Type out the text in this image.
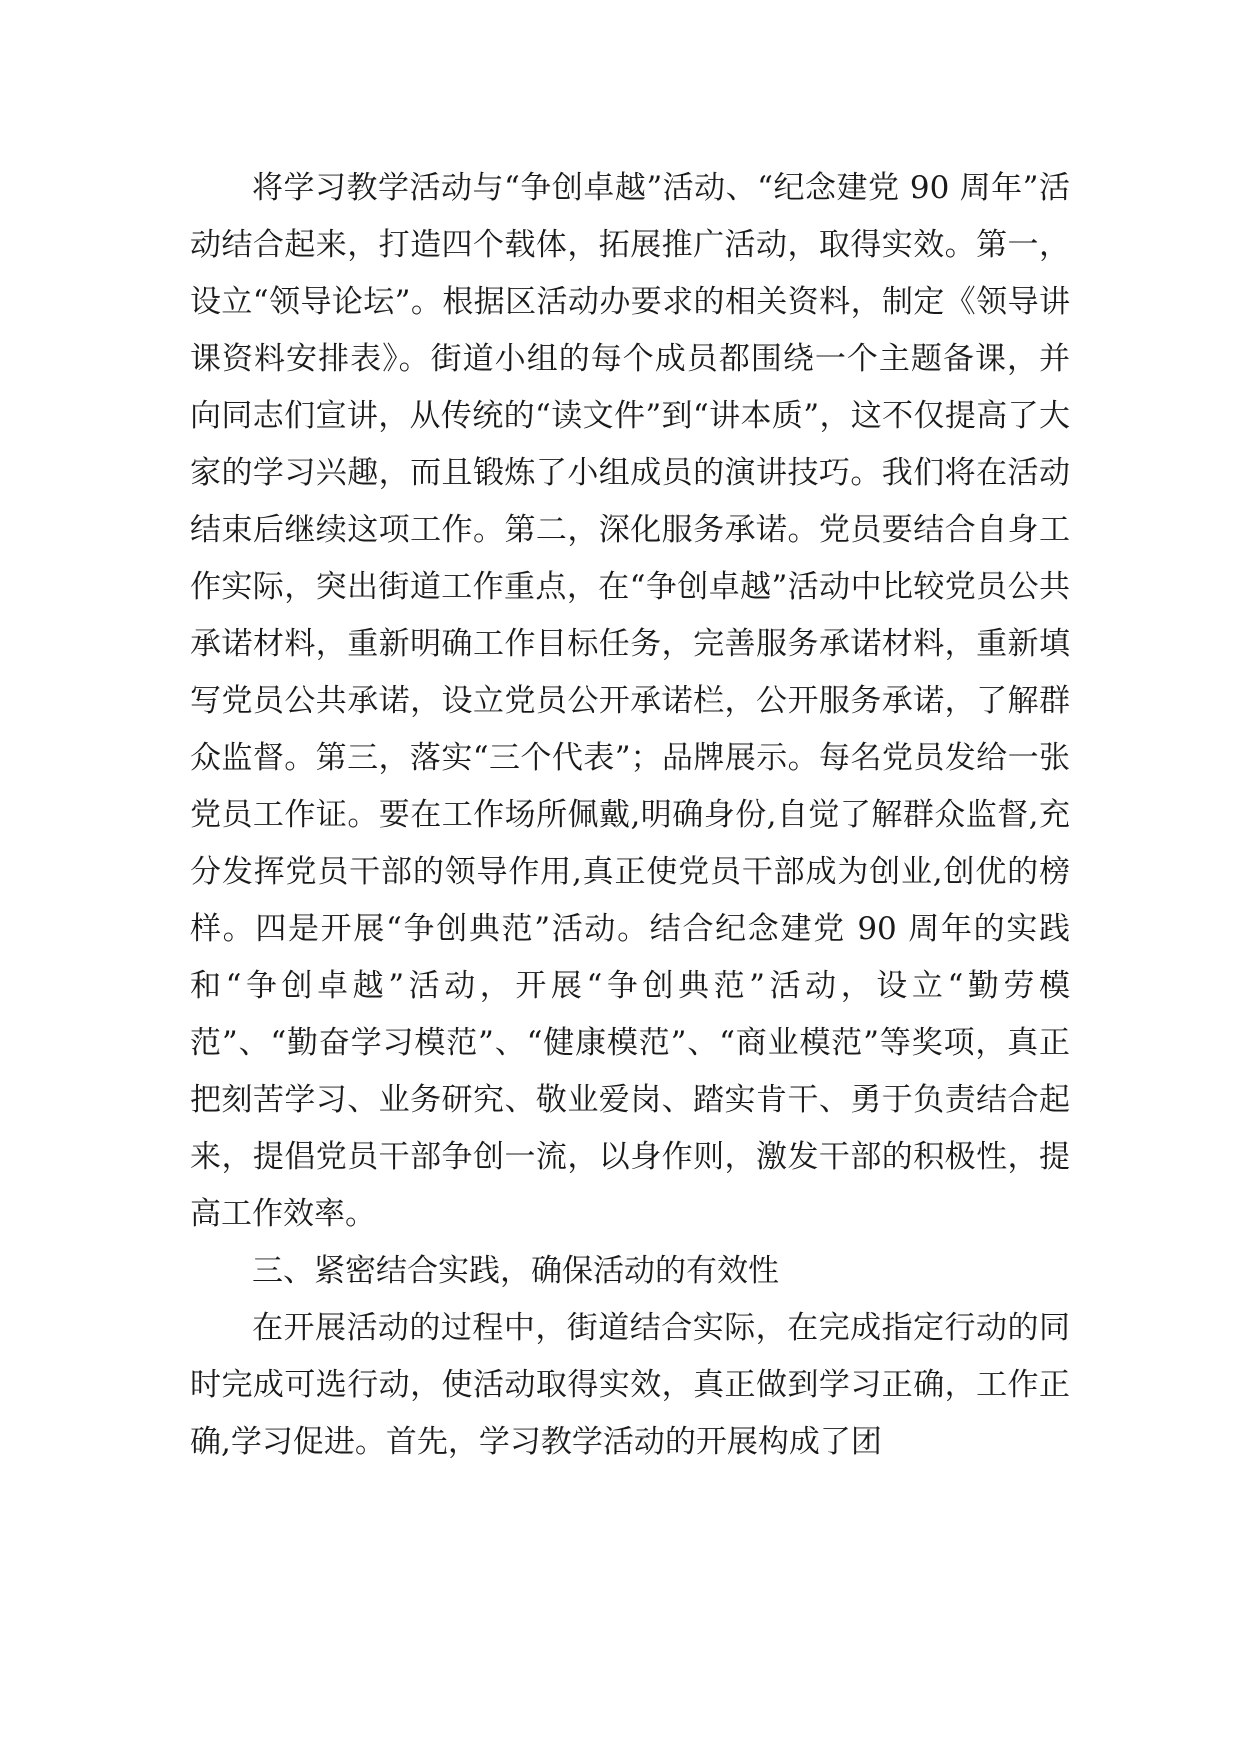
将学习教学活动与“争创卓越”活动、“纪念建党 90 周年”活动结合起来，打造四个载体，拓展推广活动，取得实效。第一，设立“领导论坛”。根据区活动办要求的相关资料，制定《领导讲课资料安排表》。街道小组的每个成员都围绕一个主题备课，并向同志们宣讲，从传统的“读文件”到“讲本质”，这不仅提高了大家的学习兴趣，而且锻炼了小组成员的演讲技巧。我们将在活动结束后继续这项工作。第二，深化服务承诺。党员要结合自身工作实际，突出街道工作重点，在“争创卓越”活动中比较党员公共承诺材料，重新明确工作目标任务，完善服务承诺材料，重新填写党员公共承诺，设立党员公开承诺栏，公开服务承诺，了解群众监督。第三，落实“三个代表”；品牌展示。每名党员发给一张党员工作证。要在工作场所佩戴,明确身份,自觉了解群众监督,充分发挥党员干部的领导作用,真正使党员干部成为创业,创优的榜样。四是开展“争创典范”活动。结合纪念建党 90 周年的实践和“争创卓越”活动，开展“争创典范”活动，设立“勤劳模范”、“勤奋学习模范”、“健康模范”、“商业模范”等奖项，真正把刻苦学习、业务研究、敬业爱岗、踏实肯干、勇于负责结合起来，提倡党员干部争创一流，以身作则，激发干部的积极性，提高工作效率。

三、紧密结合实践，确保活动的有效性

在开展活动的过程中，街道结合实际，在完成指定行动的同时完成可选行动，使活动取得实效，真正做到学习正确，工作正确,学习促进。首先，学习教学活动的开展构成了团
